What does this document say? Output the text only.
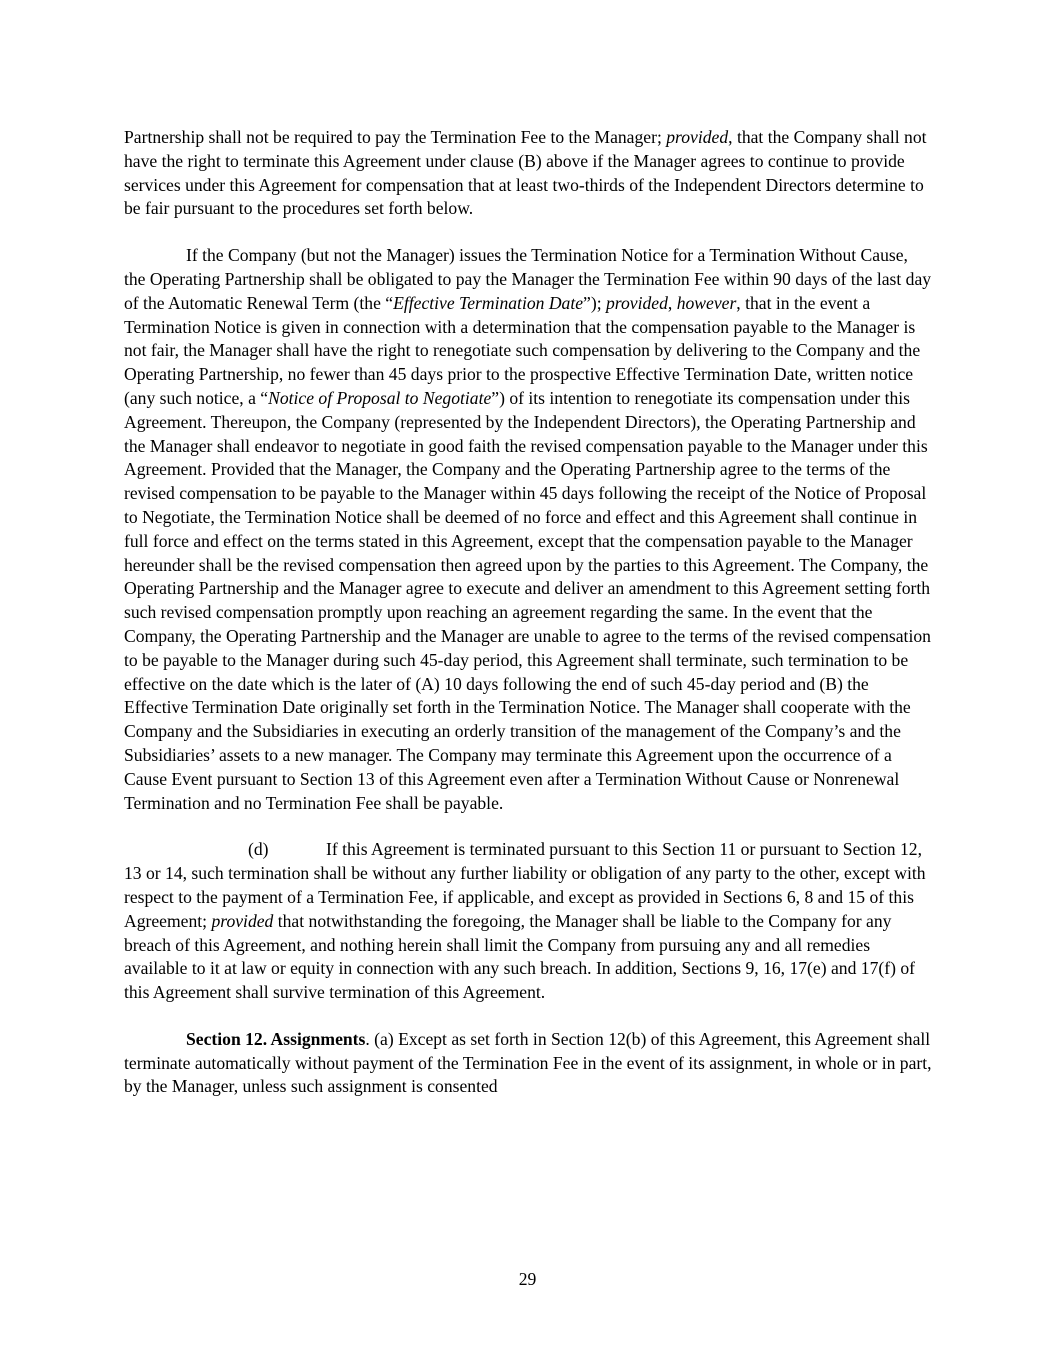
Partnership shall not be required to pay the Termination Fee to the Manager; provided, that the Company shall not have the right to terminate this Agreement under clause (B) above if the Manager agrees to continue to provide services under this Agreement for compensation that at least two-thirds of the Independent Directors determine to be fair pursuant to the procedures set forth below.

If the Company (but not the Manager) issues the Termination Notice for a Termination Without Cause, the Operating Partnership shall be obligated to pay the Manager the Termination Fee within 90 days of the last day of the Automatic Renewal Term (the “Effective Termination Date”); provided, however, that in the event a Termination Notice is given in connection with a determination that the compensation payable to the Manager is not fair, the Manager shall have the right to renegotiate such compensation by delivering to the Company and the Operating Partnership, no fewer than 45 days prior to the prospective Effective Termination Date, written notice (any such notice, a “Notice of Proposal to Negotiate”) of its intention to renegotiate its compensation under this Agreement. Thereupon, the Company (represented by the Independent Directors), the Operating Partnership and the Manager shall endeavor to negotiate in good faith the revised compensation payable to the Manager under this Agreement. Provided that the Manager, the Company and the Operating Partnership agree to the terms of the revised compensation to be payable to the Manager within 45 days following the receipt of the Notice of Proposal to Negotiate, the Termination Notice shall be deemed of no force and effect and this Agreement shall continue in full force and effect on the terms stated in this Agreement, except that the compensation payable to the Manager hereunder shall be the revised compensation then agreed upon by the parties to this Agreement. The Company, the Operating Partnership and the Manager agree to execute and deliver an amendment to this Agreement setting forth such revised compensation promptly upon reaching an agreement regarding the same. In the event that the Company, the Operating Partnership and the Manager are unable to agree to the terms of the revised compensation to be payable to the Manager during such 45-day period, this Agreement shall terminate, such termination to be effective on the date which is the later of (A) 10 days following the end of such 45-day period and (B) the Effective Termination Date originally set forth in the Termination Notice. The Manager shall cooperate with the Company and the Subsidiaries in executing an orderly transition of the management of the Company’s and the Subsidiaries’ assets to a new manager. The Company may terminate this Agreement upon the occurrence of a Cause Event pursuant to Section 13 of this Agreement even after a Termination Without Cause or Nonrenewal Termination and no Termination Fee shall be payable.

(d)	If this Agreement is terminated pursuant to this Section 11 or pursuant to Section 12, 13 or 14, such termination shall be without any further liability or obligation of any party to the other, except with respect to the payment of a Termination Fee, if applicable, and except as provided in Sections 6, 8 and 15 of this Agreement; provided that notwithstanding the foregoing, the Manager shall be liable to the Company for any breach of this Agreement, and nothing herein shall limit the Company from pursuing any and all remedies available to it at law or equity in connection with any such breach. In addition, Sections 9, 16, 17(e) and 17(f) of this Agreement shall survive termination of this Agreement.

Section 12. Assignments. (a) Except as set forth in Section 12(b) of this Agreement, this Agreement shall terminate automatically without payment of the Termination Fee in the event of its assignment, in whole or in part, by the Manager, unless such assignment is consented

29
